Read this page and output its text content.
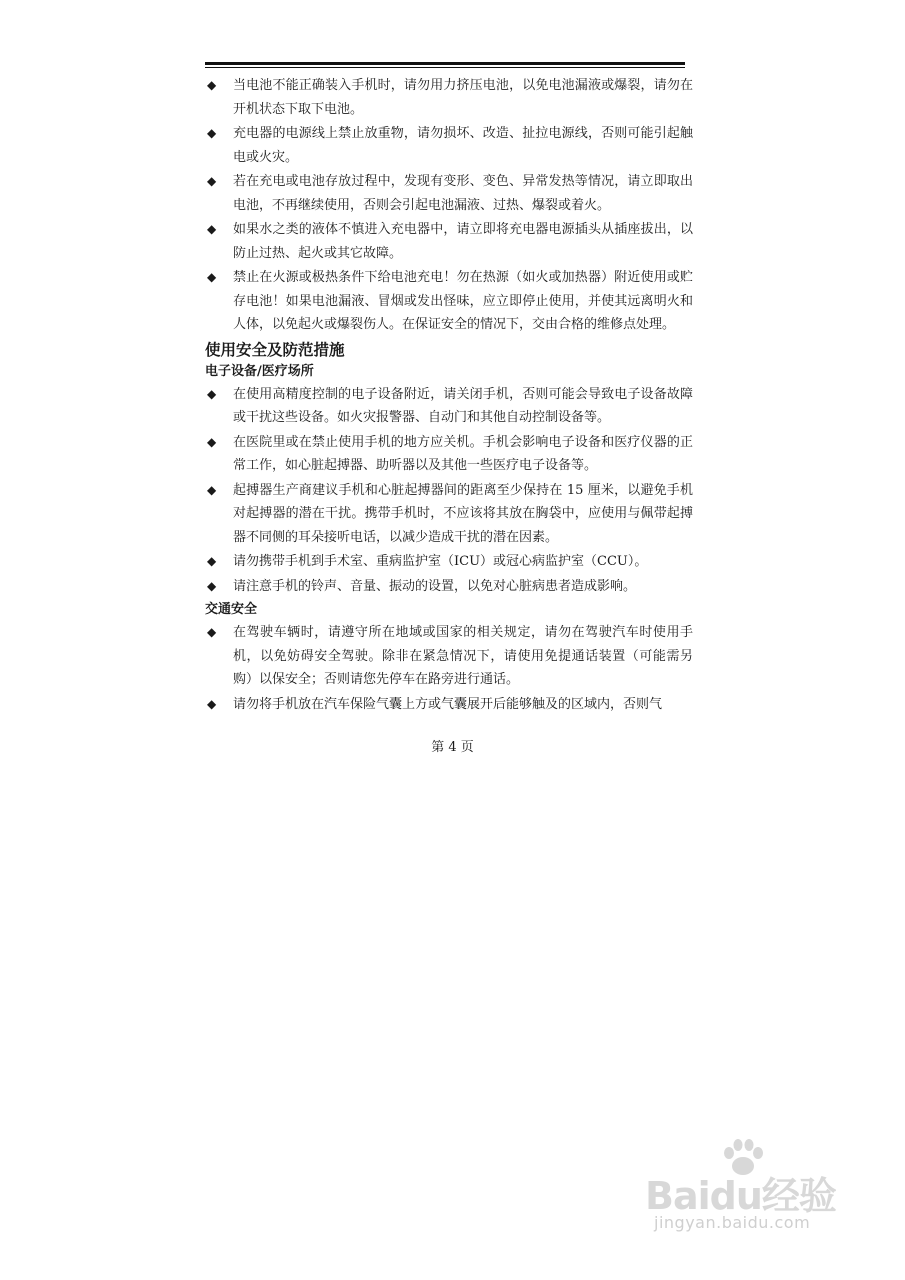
◆ 当电池不能正确装入手机时，请勿用力挤压电池，以免电池漏液或爆裂，请勿在开机状态下取下电池。
◆ 充电器的电源线上禁止放重物，请勿损坏、改造、扯拉电源线，否则可能引起触电或火灾。
◆ 若在充电或电池存放过程中，发现有变形、变色、异常发热等情况，请立即取出电池，不再继续使用，否则会引起电池漏液、过热、爆裂或着火。
◆ 如果水之类的液体不慎进入充电器中，请立即将充电器电源插头从插座拔出，以防止过热、起火或其它故障。
◆ 禁止在火源或极热条件下给电池充电！勿在热源（如火或加热器）附近使用或贮存电池！如果电池漏液、冒烟或发出怪味，应立即停止使用，并使其远离明火和人体，以免起火或爆裂伤人。在保证安全的情况下，交由合格的维修点处理。
使用安全及防范措施
电子设备/医疗场所
◆ 在使用高精度控制的电子设备附近，请关闭手机，否则可能会导致电子设备故障或干扰这些设备。如火灾报警器、自动门和其他自动控制设备等。
◆ 在医院里或在禁止使用手机的地方应关机。手机会影响电子设备和医疗仪器的正常工作，如心脏起搏器、助听器以及其他一些医疗电子设备等。
◆ 起搏器生产商建议手机和心脏起搏器间的距离至少保持在 15 厘米，以避免手机对起搏器的潜在干扰。携带手机时，不应该将其放在胸袋中，应使用与佩带起搏器不同侧的耳朵接听电话，以减少造成干扰的潜在因素。
◆ 请勿携带手机到手术室、重病监护室（ICU）或冠心病监护室（CCU）。
◆ 请注意手机的铃声、音量、振动的设置，以免对心脏病患者造成影响。
交通安全
◆ 在驾驶车辆时，请遵守所在地域或国家的相关规定，请勿在驾驶汽车时使用手机，以免妨碍安全驾驶。除非在紧急情况下，请使用免提通话装置（可能需另购）以保安全；否则请您先停车在路旁进行通话。
◆ 请勿将手机放在汽车保险气囊上方或气囊展开后能够触及的区域内，否则气
第 4 页
Baidu经验
jingyan.baidu.com
